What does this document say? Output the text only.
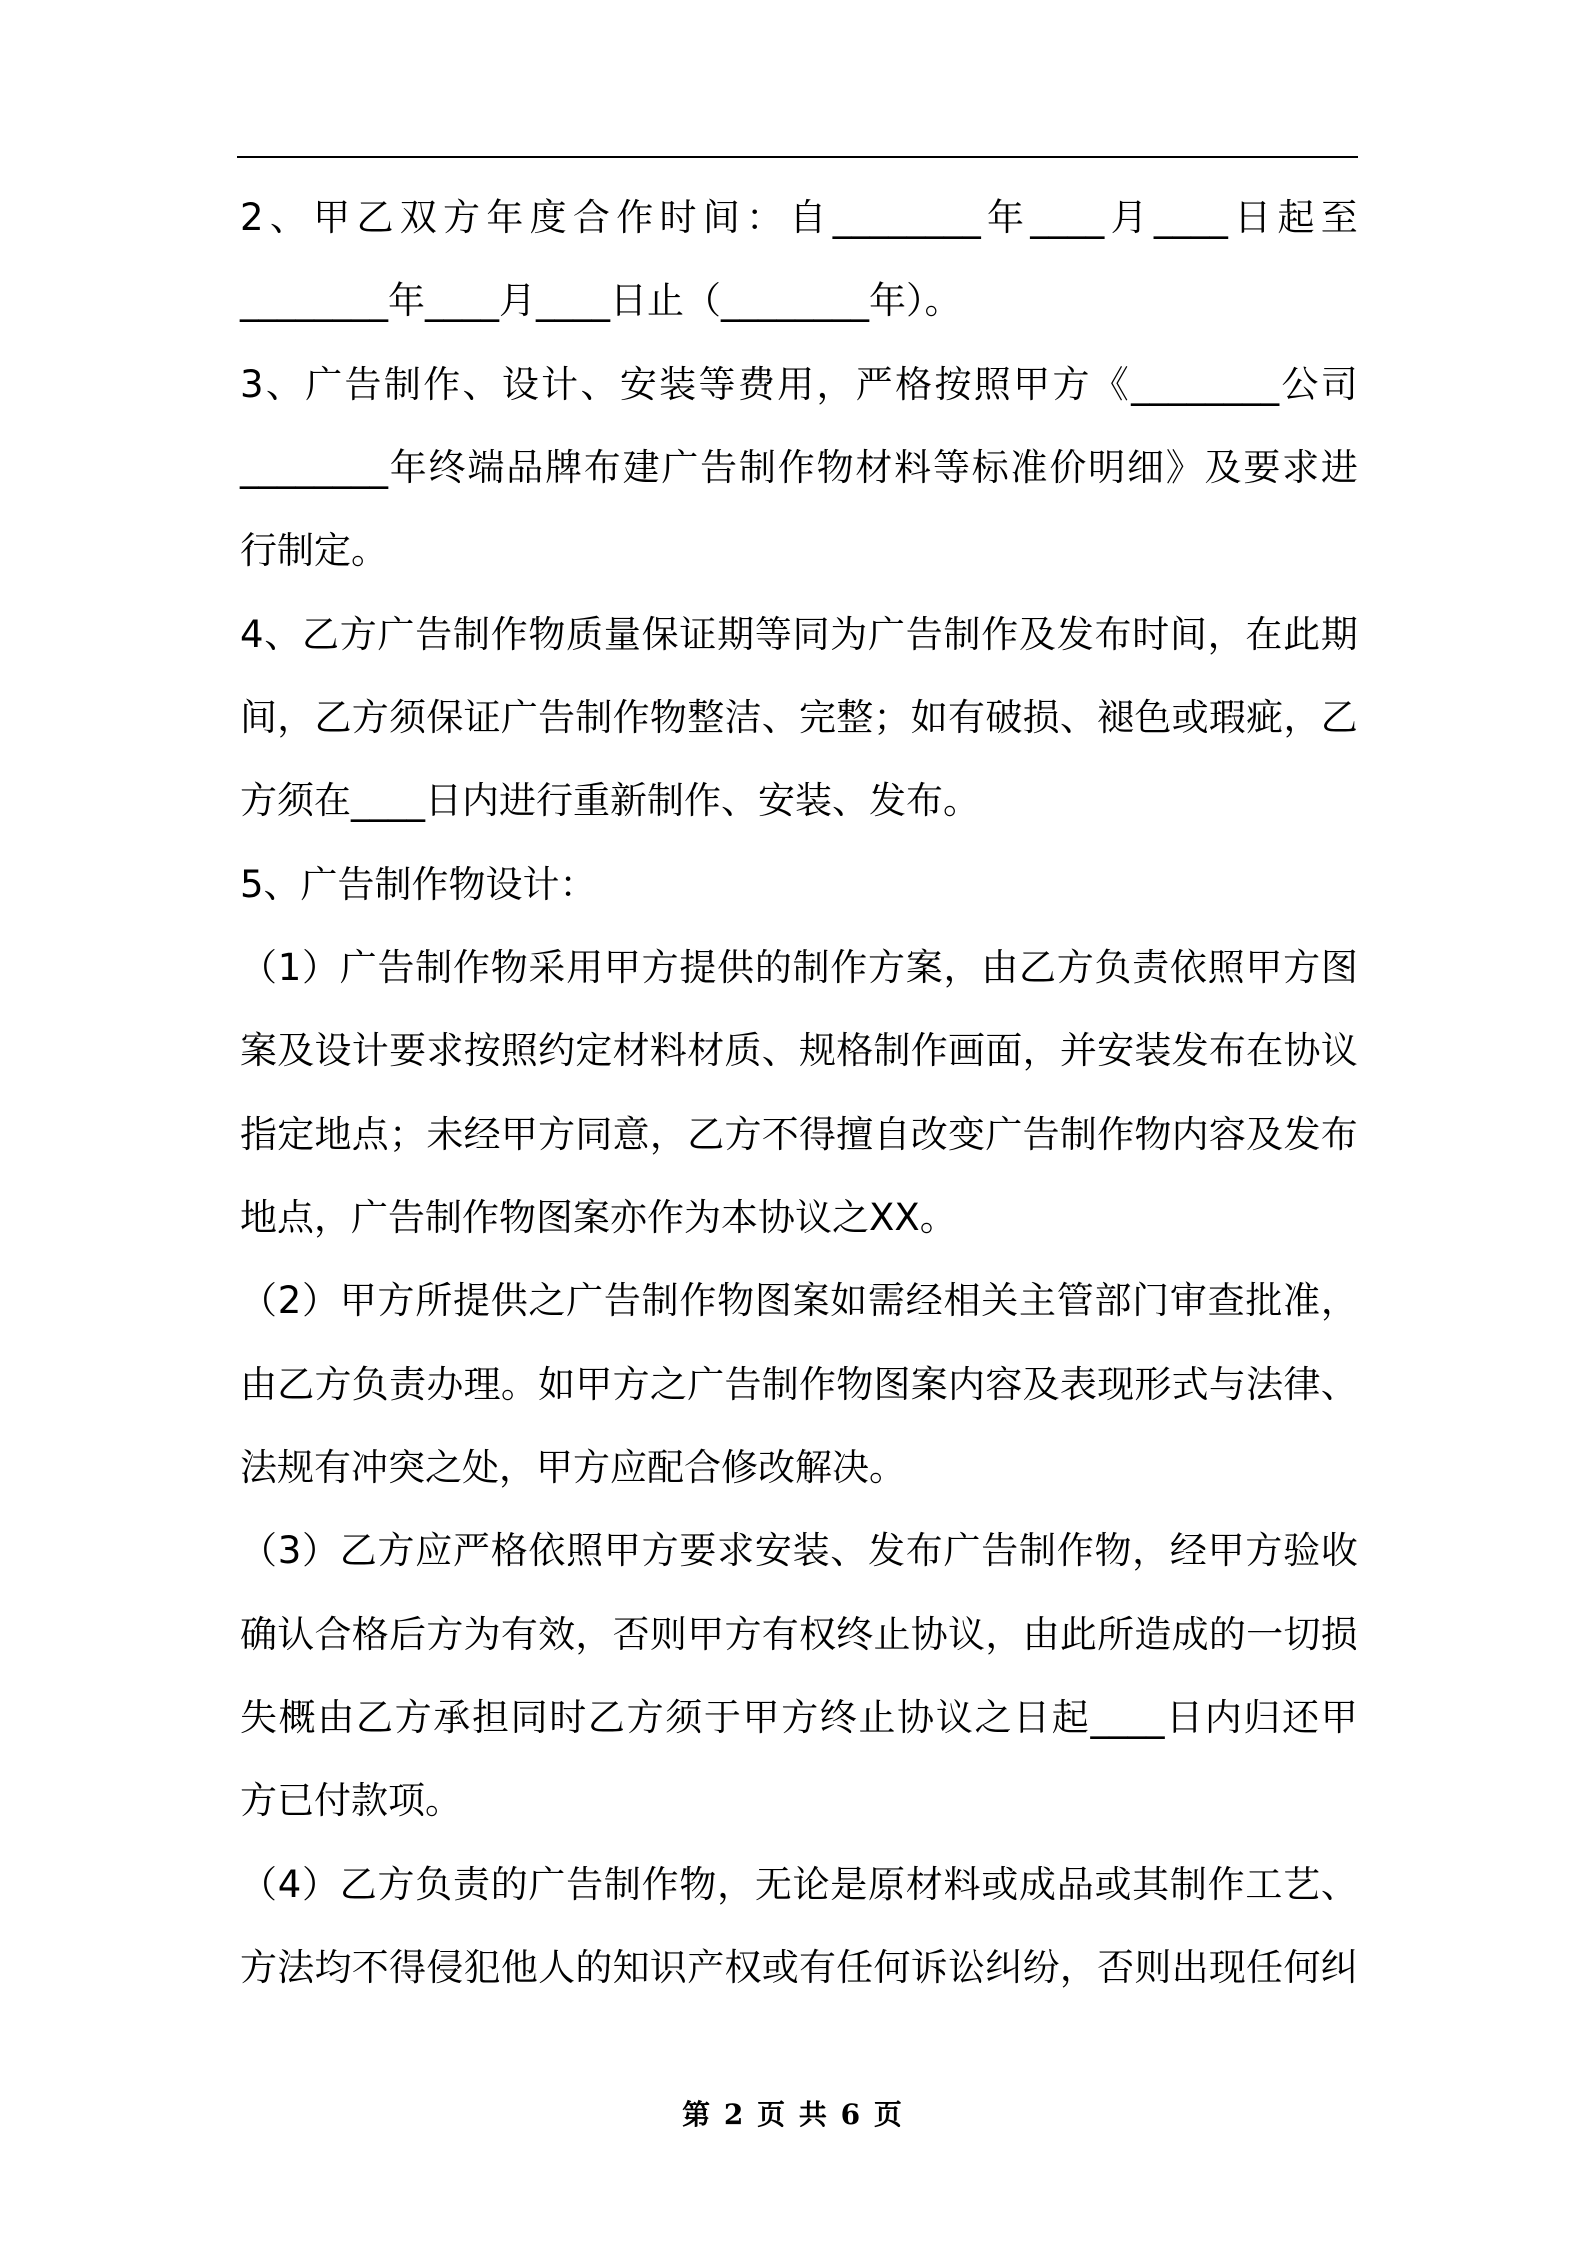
2 、 甲 乙 双 方 年 度 合 作 时 间 ： 自 ________ 年 ____ 月 ____ 日 起 至
________年____月____日止（________年）。
3 、 广 告 制 作 、 设 计 、 安 装 等 费 用 ， 严 格 按 照 甲 方 《 ________ 公 司
________ 年 终 端 品 牌 布 建 广 告 制 作 物 材 料 等 标 准 价 明 细 》 及 要 求 进
行制定。
4 、 乙 方 广 告 制 作 物 质 量 保 证 期 等 同 为 广 告 制 作 及 发 布 时 间 ， 在 此 期
间 ， 乙 方 须 保 证 广 告 制 作 物 整 洁 、 完 整 ； 如 有 破 损 、 褪 色 或 瑕 疵 ， 乙
方须在____日内进行重新制作、安装、发布。
5、广告制作物设计：
（ 1 ） 广 告 制 作 物 采 用 甲 方 提 供 的 制 作 方 案 ， 由 乙 方 负 责 依 照 甲 方 图
案 及 设 计 要 求 按 照 约 定 材 料 材 质 、 规 格 制 作 画 面 ， 并 安 装 发 布 在 协 议
指 定 地 点 ； 未 经 甲 方 同 意 ， 乙 方 不 得 擅 自 改 变 广 告 制 作 物 内 容 及 发 布
地点，广告制作物图案亦作为本协议之XX。
（ 2 ） 甲 方 所 提 供 之 广 告 制 作 物 图 案 如 需 经 相 关 主 管 部 门 审 查 批 准 ，
由 乙 方 负 责 办 理 。 如 甲 方 之 广 告 制 作 物 图 案 内 容 及 表 现 形 式 与 法 律 、
法规有冲突之处，甲方应配合修改解决。
（ 3 ） 乙 方 应 严 格 依 照 甲 方 要 求 安 装 、 发 布 广 告 制 作 物 ， 经 甲 方 验 收
确 认 合 格 后 方 为 有 效 ， 否 则 甲 方 有 权 终 止 协 议 ， 由 此 所 造 成 的 一 切 损
失 概 由 乙 方 承 担 同 时 乙 方 须 于 甲 方 终 止 协 议 之 日 起 ____ 日 内 归 还 甲
方已付款项。
（ 4 ） 乙 方 负 责 的 广 告 制 作 物 ， 无 论 是 原 材 料 或 成 品 或 其 制 作 工 艺 、
方 法 均 不 得 侵 犯 他 人 的 知 识 产 权 或 有 任 何 诉 讼 纠 纷 ， 否 则 出 现 任 何 纠
第 2 页 共 6 页
